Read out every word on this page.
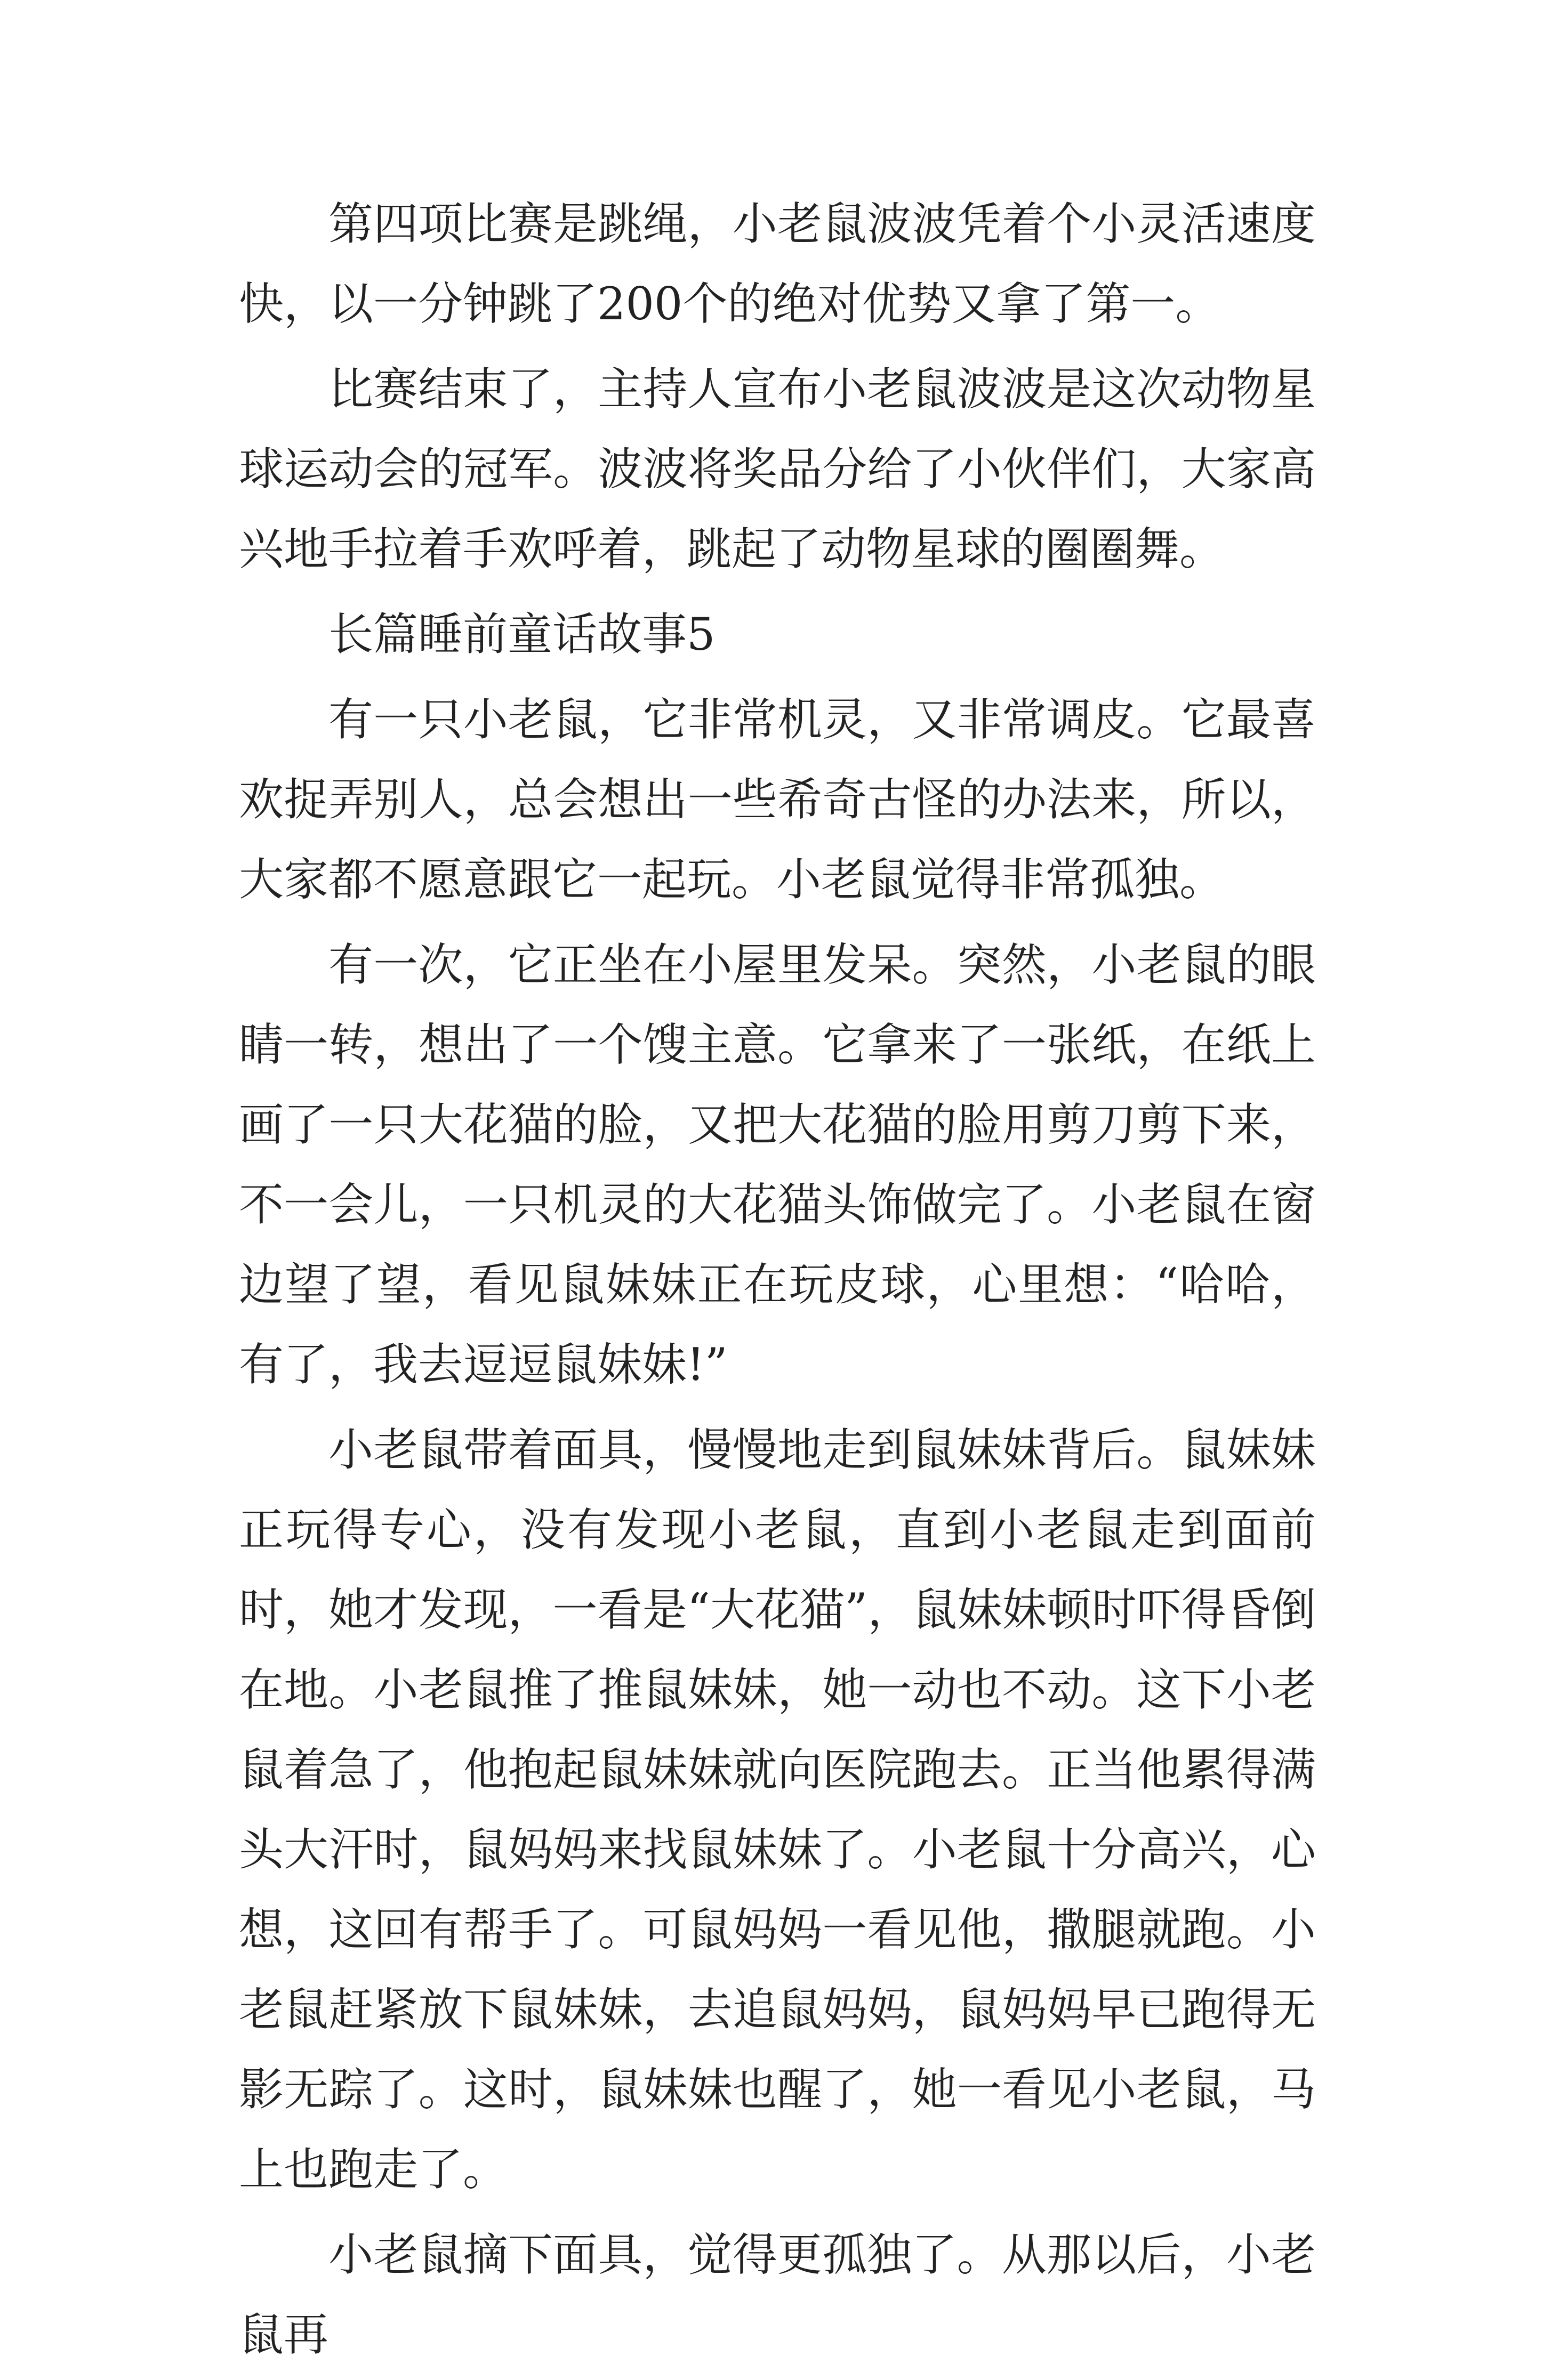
第四项比赛是跳绳，小老鼠波波凭着个小灵活速度快，以一分钟跳了200个的绝对优势又拿了第一。

比赛结束了，主持人宣布小老鼠波波是这次动物星球运动会的冠军。波波将奖品分给了小伙伴们，大家高兴地手拉着手欢呼着，跳起了动物星球的圈圈舞。

长篇睡前童话故事5

有一只小老鼠，它非常机灵，又非常调皮。它最喜欢捉弄别人，总会想出一些希奇古怪的办法来，所以，大家都不愿意跟它一起玩。小老鼠觉得非常孤独。

有一次，它正坐在小屋里发呆。突然，小老鼠的眼睛一转，想出了一个馊主意。它拿来了一张纸，在纸上画了一只大花猫的脸，又把大花猫的脸用剪刀剪下来，不一会儿，一只机灵的大花猫头饰做完了。小老鼠在窗边望了望，看见鼠妹妹正在玩皮球，心里想：“哈哈，有了，我去逗逗鼠妹妹!”

小老鼠带着面具，慢慢地走到鼠妹妹背后。鼠妹妹正玩得专心，没有发现小老鼠，直到小老鼠走到面前时，她才发现，一看是“大花猫”，鼠妹妹顿时吓得昏倒在地。小老鼠推了推鼠妹妹，她一动也不动。这下小老鼠着急了，他抱起鼠妹妹就向医院跑去。正当他累得满头大汗时，鼠妈妈来找鼠妹妹了。小老鼠十分高兴，心想，这回有帮手了。可鼠妈妈一看见他，撒腿就跑。小老鼠赶紧放下鼠妹妹，去追鼠妈妈，鼠妈妈早已跑得无影无踪了。这时，鼠妹妹也醒了，她一看见小老鼠，马上也跑走了。

小老鼠摘下面具，觉得更孤独了。从那以后，小老鼠再
